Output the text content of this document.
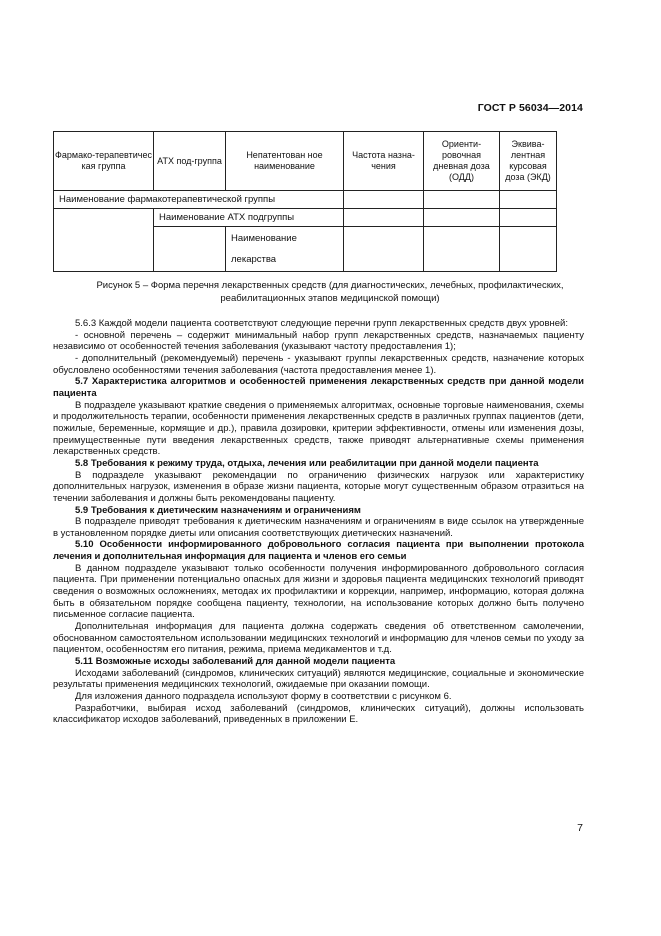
ГОСТ Р 56034—2014
Фармако-терапевтичес кая группа	АТХ под-группа	Непатентован ное наименование	Частота назна-чения	Ориенти-ровочная дневная доза (ОДД)	Эквива-лентная курсовая доза (ЭКД)
Наименование фармакотерапевтической группы					
	Наименование АТХ подгруппы				
		Наименование лекарства			
Рисунок 5 – Форма перечня лекарственных средств (для диагностических, лечебных, профилактических,
реабилитационных этапов медицинской помощи)

5.6.3 Каждой модели пациента соответствуют следующие перечни групп лекарственных средств двух уровней:

- основной перечень – содержит минимальный набор групп лекарственных средств, назначаемых пациенту независимо от особенностей течения заболевания (указывают частоту предоставления 1);

- дополнительный (рекомендуемый) перечень - указывают группы лекарственных средств, назначение которых обусловлено особенностями течения заболевания (частота предоставления менее 1).

5.7 Характеристика алгоритмов и особенностей применения лекарственных средств при данной модели пациента

В подразделе указывают краткие сведения о применяемых алгоритмах, основные торговые наименования, схемы и продолжительность терапии, особенности применения лекарственных средств в различных группах пациентов (дети, пожилые, беременные, кормящие и др.), правила дозировки, критерии эффективности, отмены или изменения дозы, преимущественные пути введения лекарственных средств, также приводят альтернативные схемы применения лекарственных средств.

5.8 Требования к режиму труда, отдыха, лечения или реабилитации при данной модели пациента

В подразделе указывают рекомендации по ограничению физических нагрузок или характеристику дополнительных нагрузок, изменения в образе жизни пациента, которые могут существенным образом отразиться на течении заболевания и должны быть рекомендованы пациенту.

5.9 Требования к диетическим назначениям и ограничениям

В подразделе приводят требования к диетическим назначениям и ограничениям в виде ссылок на утвержденные в установленном порядке диеты или описания соответствующих диетических назначений.

5.10 Особенности информированного добровольного согласия пациента при выполнении протокола лечения и дополнительная информация для пациента и членов его семьи

В данном подразделе указывают только особенности получения информированного добровольного согласия пациента. При применении потенциально опасных для жизни и здоровья пациента медицинских технологий приводят сведения о возможных осложнениях, методах их профилактики и коррекции, например, информацию, которая должна быть в обязательном порядке сообщена пациенту, технологии, на использование которых должно быть получено письменное согласие пациента.

Дополнительная информация для пациента должна содержать сведения об ответственном самолечении, обоснованном самостоятельном использовании медицинских технологий и информацию для членов семьи по уходу за пациентом, особенностям его питания, режима, приема медикаментов и т.д.

5.11 Возможные исходы заболеваний для данной модели пациента

Исходами заболеваний (синдромов, клинических ситуаций) являются медицинские, социальные и экономические результаты применения медицинских технологий, ожидаемые при оказании помощи.

Для изложения данного подраздела используют форму в соответствии с рисунком 6.

Разработчики, выбирая исход заболеваний (синдромов, клинических ситуаций), должны использовать классификатор исходов заболеваний, приведенных в приложении Е.

7
